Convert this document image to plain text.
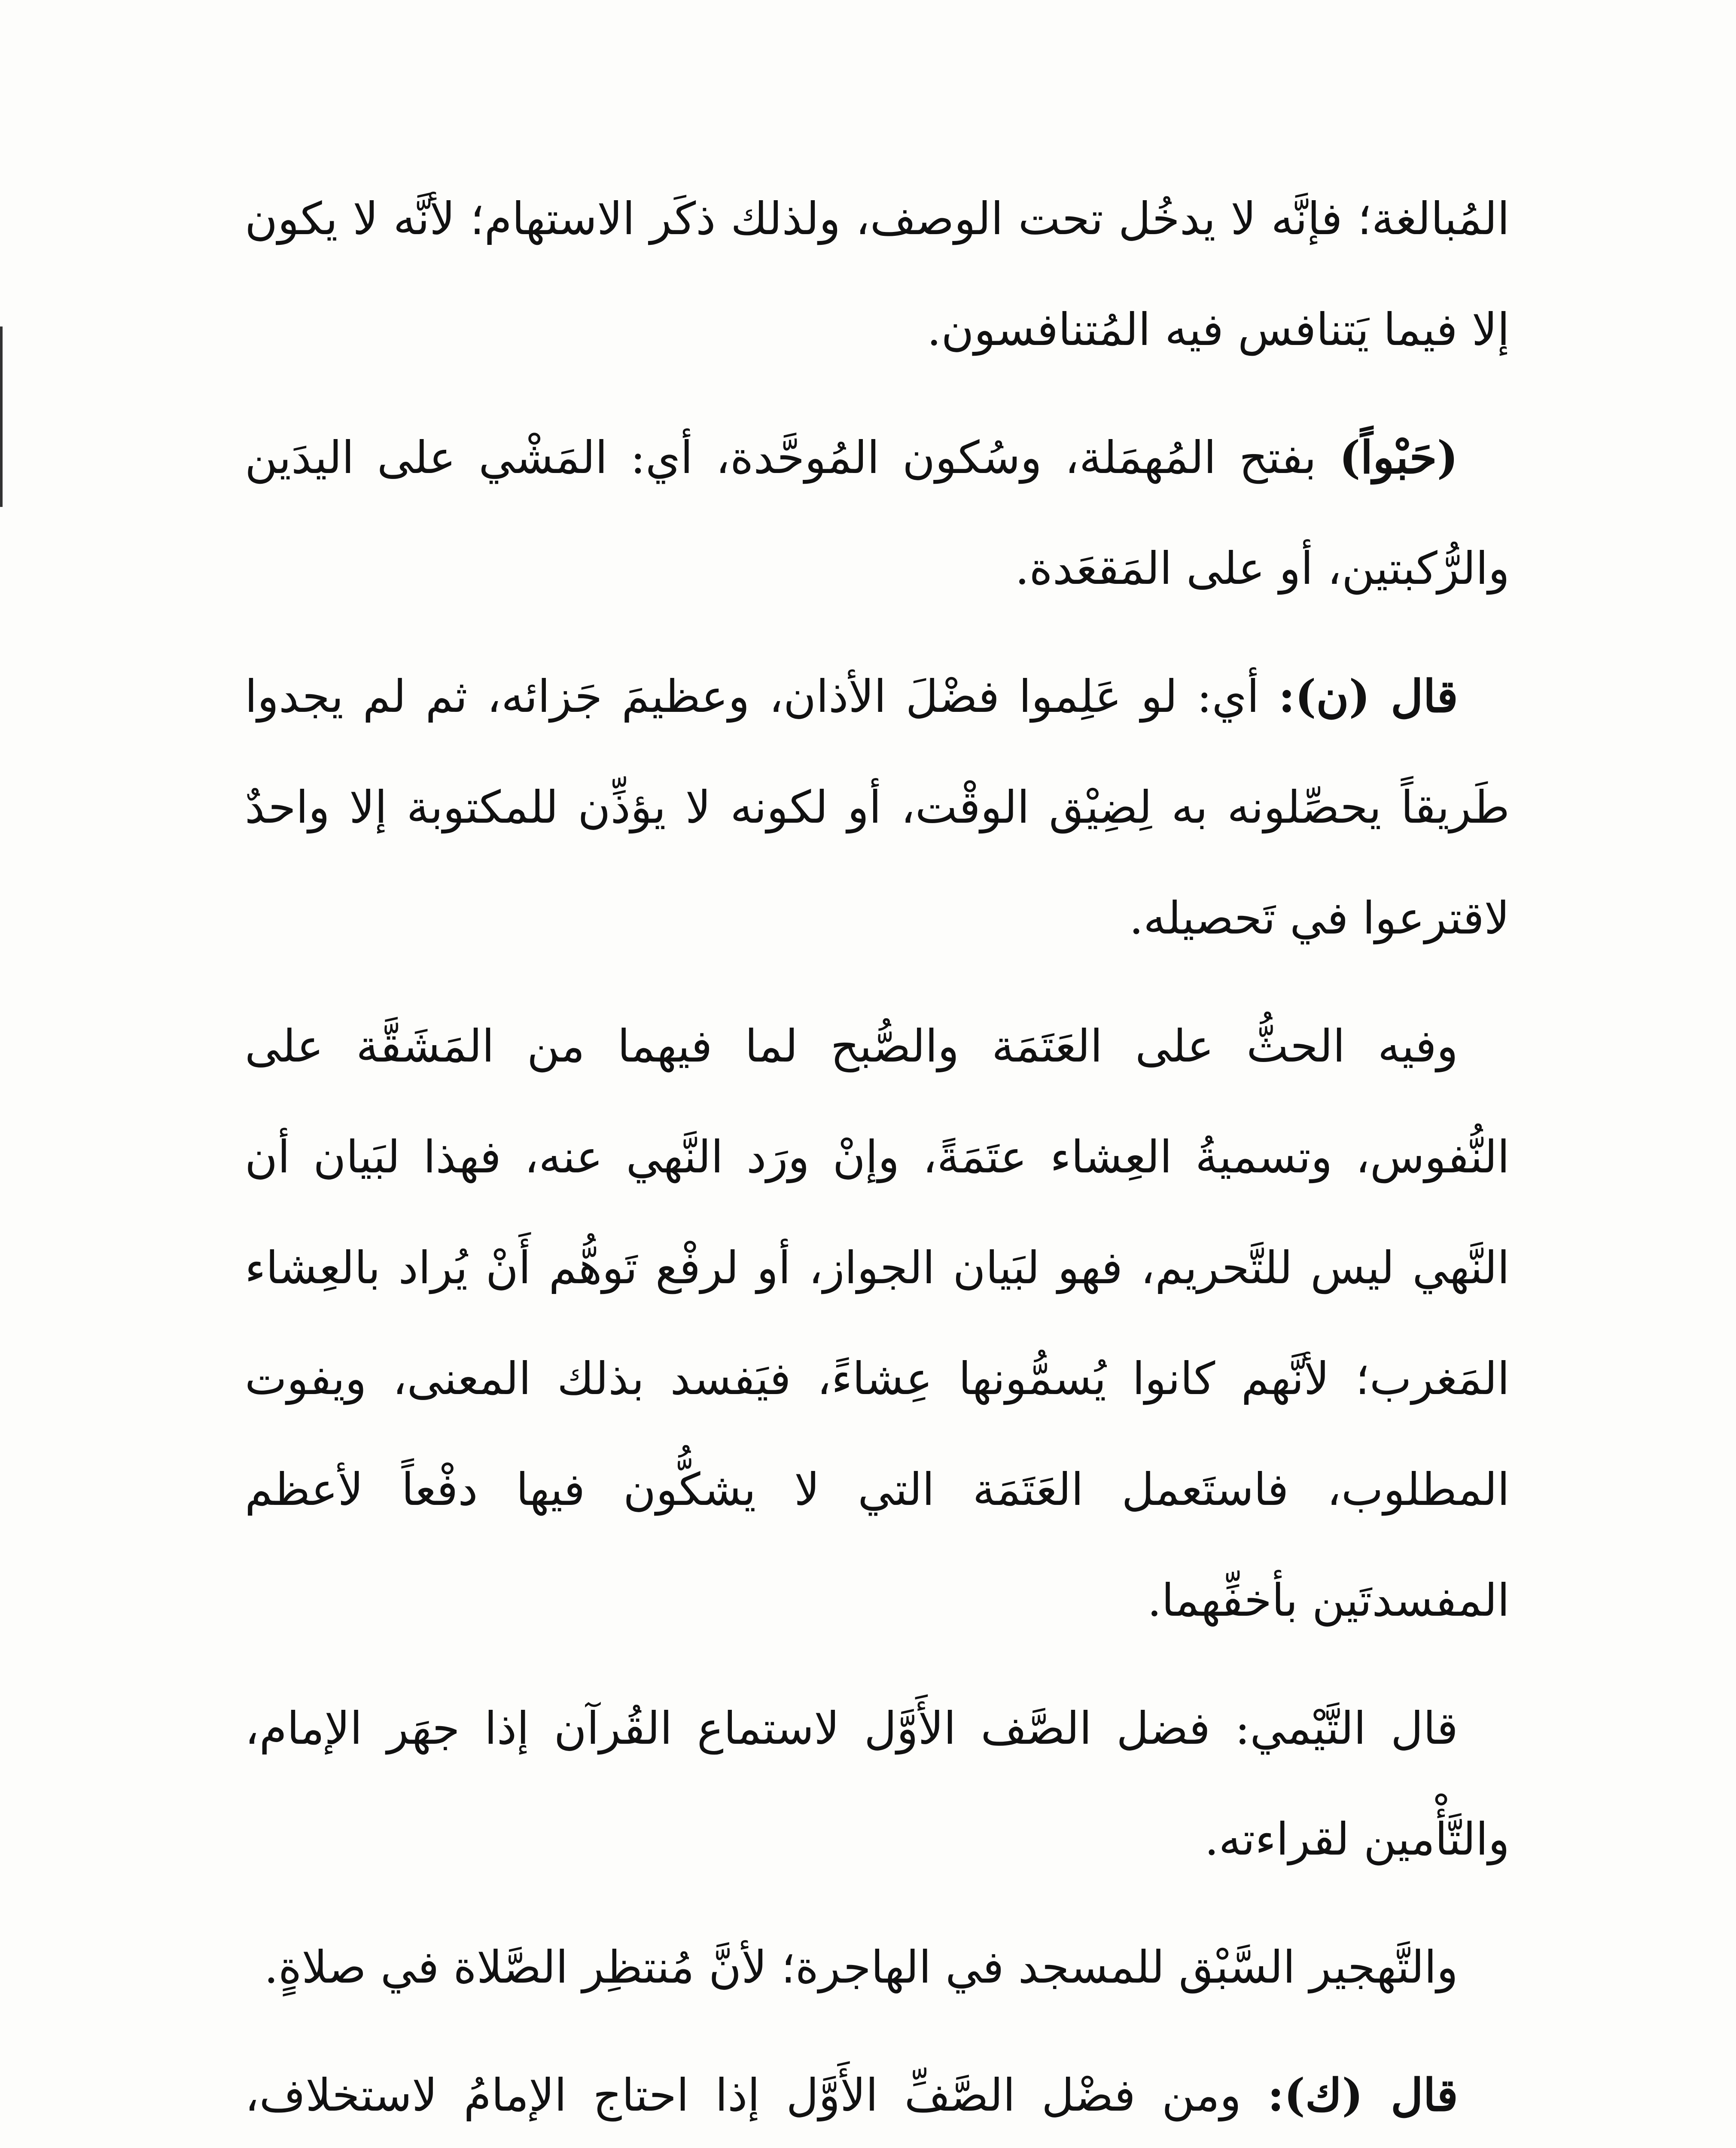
المُبالغة؛ فإنَّه لا يدخُل تحت الوصف، ولذلك ذكَر الاستهام؛ لأنَّه لا يكون إلا فيما يَتنافس فيه المُتنافسون.

(حَبْواً) بفتح المُهمَلة، وسُكون المُوحَّدة، أي: المَشْي على اليدَين والرُّكبتين، أو على المَقعَدة.

قال (ن): أي: لو عَلِموا فضْلَ الأذان، وعظيمَ جَزائه، ثم لم يجدوا طَريقاً يحصِّلونه به لِضِيْق الوقْت، أو لكونه لا يؤذِّن للمكتوبة إلا واحدٌ لاقترعوا في تَحصيله.

وفيه الحثُّ على العَتَمَة والصُّبح لما فيهما من المَشَقَّة على النُّفوس، وتسميةُ العِشاء عتَمَةً، وإنْ ورَد النَّهي عنه، فهذا لبَيان أن النَّهي ليس للتَّحريم، فهو لبَيان الجواز، أو لرفْع تَوهُّم أَنْ يُراد بالعِشاء المَغرب؛ لأنَّهم كانوا يُسمُّونها عِشاءً، فيَفسد بذلك المعنى، ويفوت المطلوب، فاستَعمل العَتَمَة التي لا يشكُّون فيها دفْعاً لأعظم المفسدتَين بأخفِّهما.

قال التَّيْمي: فضل الصَّف الأَوَّل لاستماع القُرآن إذا جهَر الإمام، والتَّأْمين لقراءته.

والتَّهجير السَّبْق للمسجد في الهاجرة؛ لأنَّ مُنتظِر الصَّلاة في صلاةٍ.

قال (ك): ومن فضْل الصَّفِّ الأَوَّل إذا احتاج الإمامُ لاستخلاف،
